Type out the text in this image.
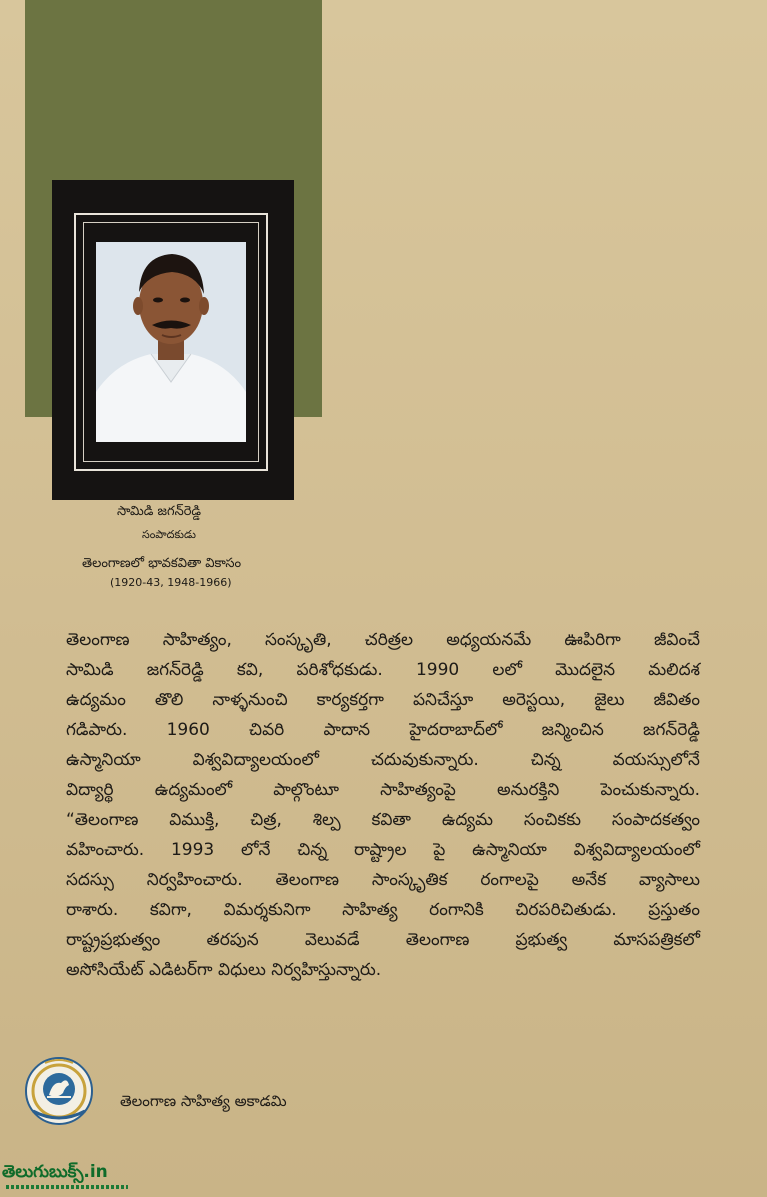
సామిడి జగన్‌రెడ్డి
సంపాదకుడు
తెలంగాణలో భావకవితా వికాసం
(1920-43, 1948-1966)
తెలంగాణ సాహిత్యం, సంస్కృతి, చరిత్రల అధ్యయనమే ఊపిరిగా జీవించే
సామిడి జగన్‌రెడ్డి కవి, పరిశోధకుడు. 1990 లలో మొదలైన మలిదశ
ఉద్యమం తొలి నాళ్ళనుంచి కార్యకర్తగా పనిచేస్తూ అరెస్టయి, జైలు జీవితం
గడిపారు. 1960 చివరి పాదాన హైదరాబాద్‌లో జన్మించిన జగన్‌రెడ్డి
ఉస్మానియా విశ్వవిద్యాలయంలో చదువుకున్నారు. చిన్న వయస్సులోనే
విద్యార్థి ఉద్యమంలో పాల్గొంటూ సాహిత్యంపై అనురక్తిని పెంచుకున్నారు.
“తెలంగాణ విముక్తి, చిత్ర, శిల్ప కవితా ఉద్యమ సంచికకు సంపాదకత్వం
వహించారు. 1993 లోనే చిన్న రాష్ట్రాల పై ఉస్మానియా విశ్వవిద్యాలయంలో
సదస్సు నిర్వహించారు. తెలంగాణ సాంస్కృతిక రంగాలపై అనేక వ్యాసాలు
రాశారు. కవిగా, విమర్శకునిగా సాహిత్య రంగానికి చిరపరిచితుడు. ప్రస్తుతం
రాష్ట్రప్రభుత్వం తరపున వెలువడే తెలంగాణ ప్రభుత్వ మాసపత్రికలో
అసోసియేట్ ఎడిటర్‌గా విధులు నిర్వహిస్తున్నారు.
తెలంగాణ సాహిత్య అకాడమి
తెలుగుబుక్స్.in
